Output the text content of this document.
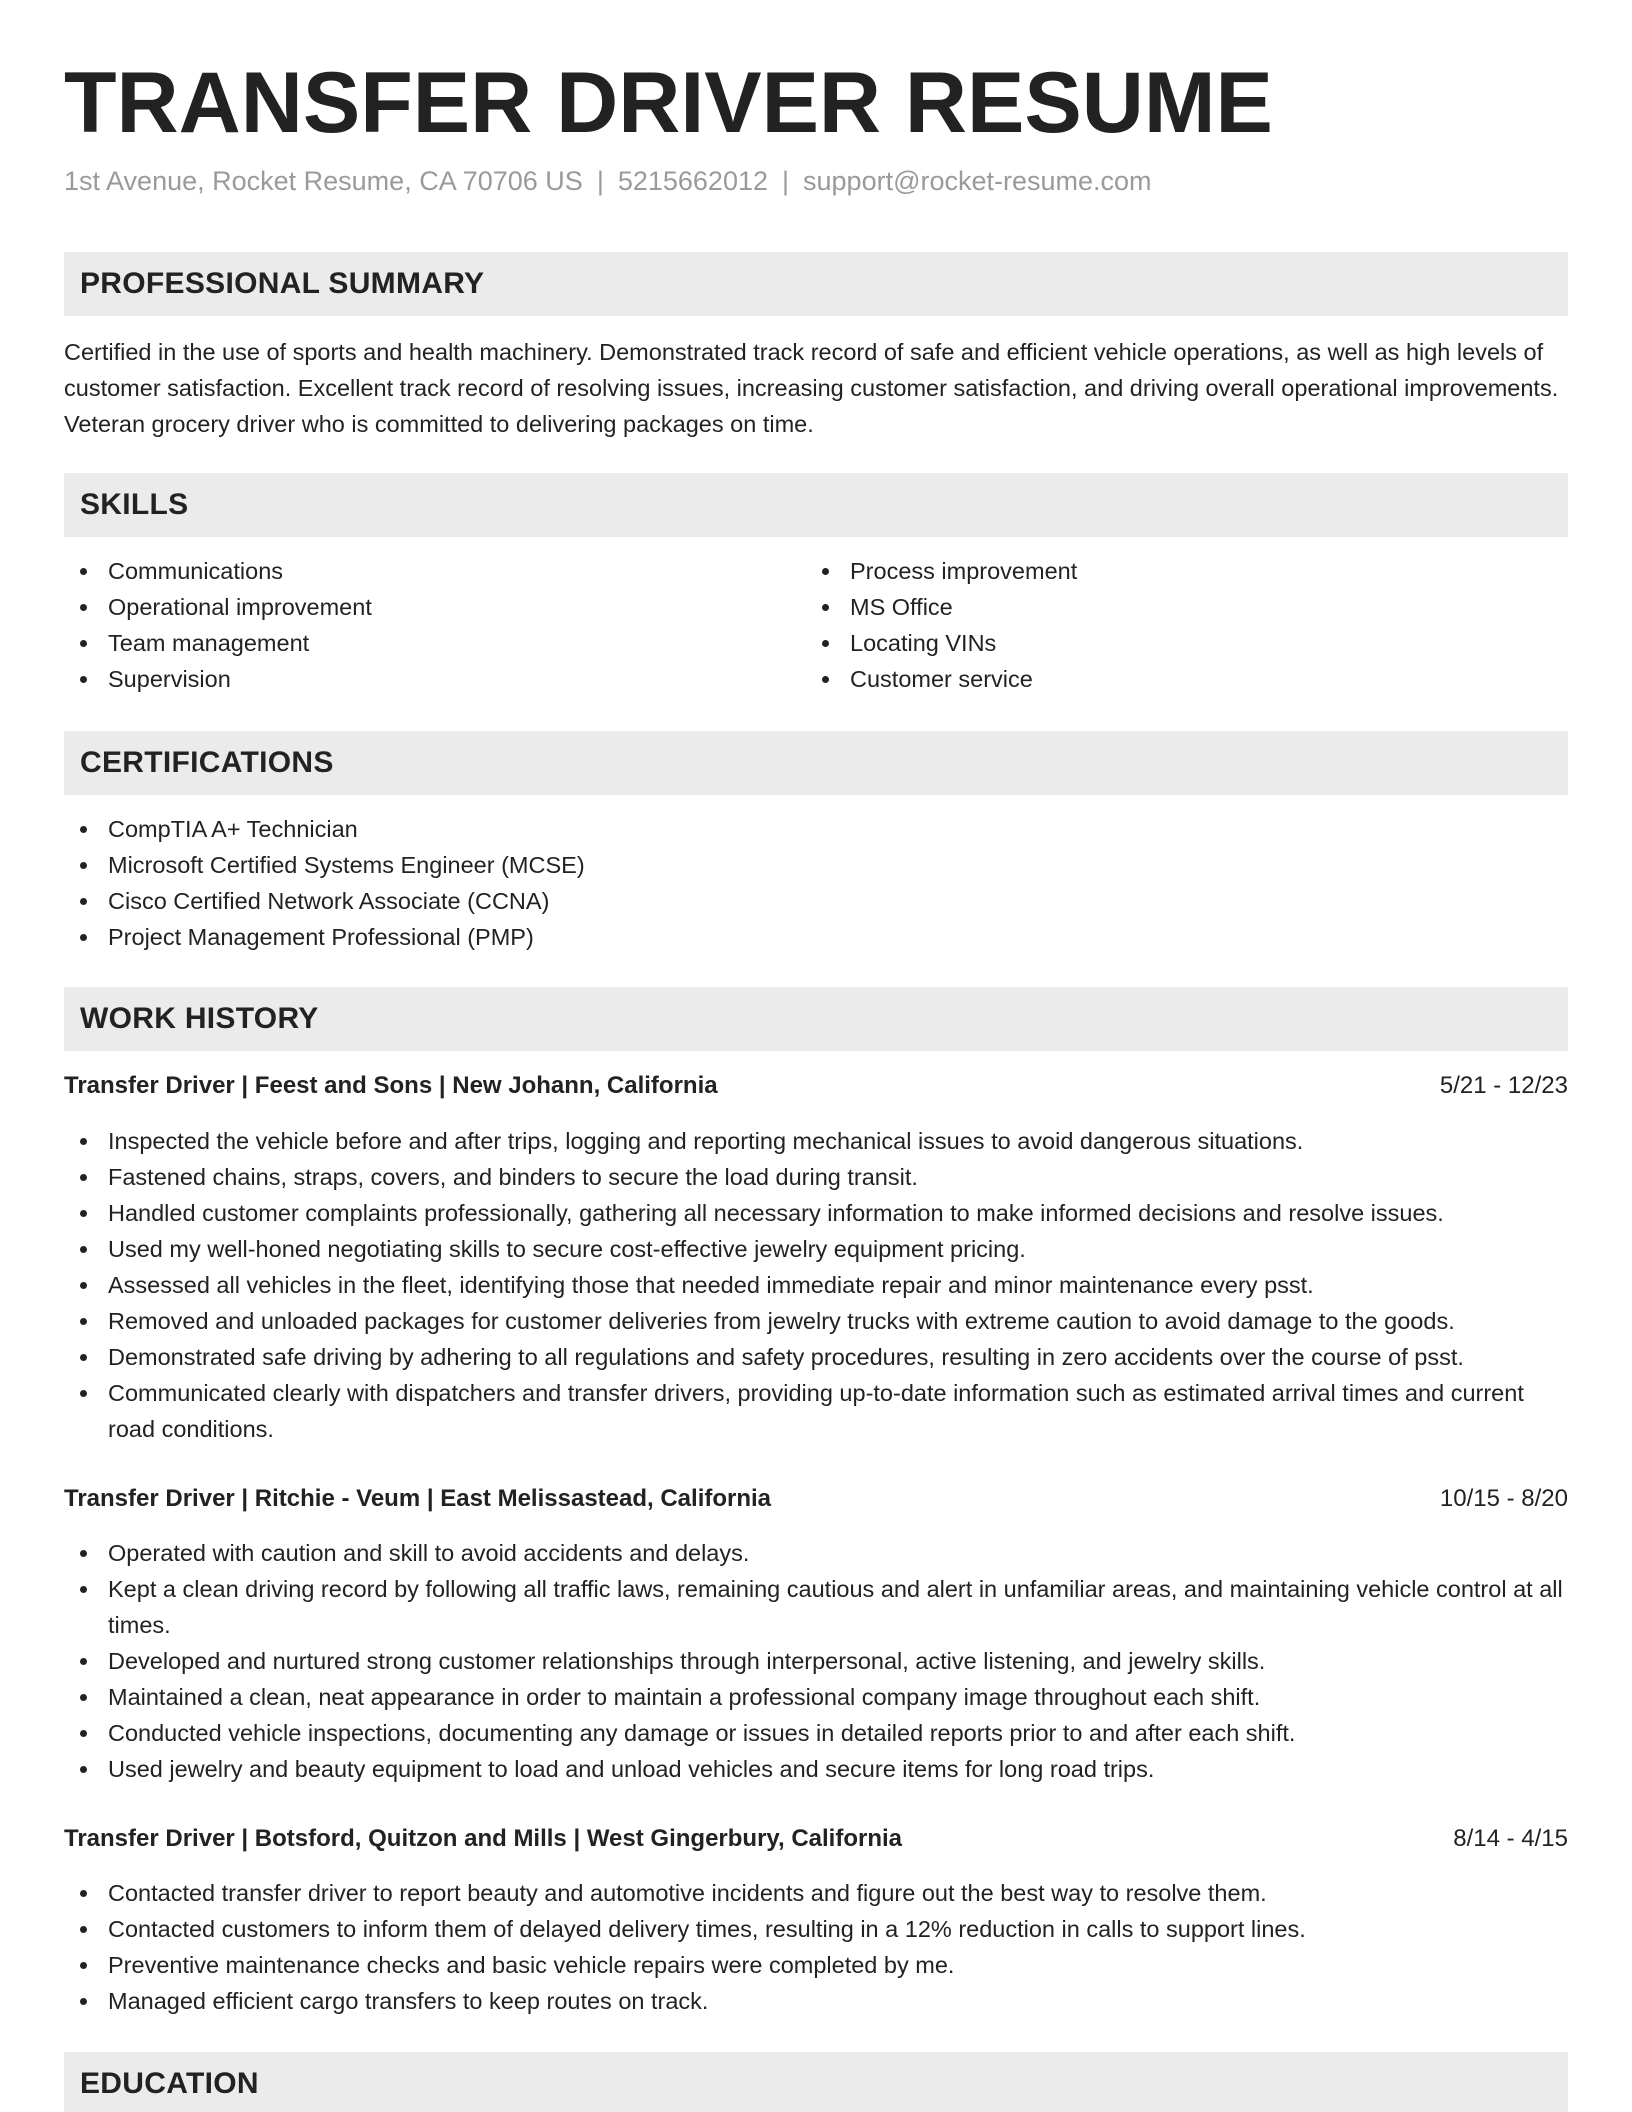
TRANSFER DRIVER RESUME
1st Avenue, Rocket Resume, CA 70706 US | 5215662012 | support@rocket-resume.com
PROFESSIONAL SUMMARY

Certified in the use of sports and health machinery. Demonstrated track record of safe and efficient vehicle operations, as well as high levels of customer satisfaction. Excellent track record of resolving issues, increasing customer satisfaction, and driving overall operational improvements. Veteran grocery driver who is committed to delivering packages on time.

SKILLS
Communications
Operational improvement
Team management
Supervision
Process improvement
MS Office
Locating VINs
Customer service
CERTIFICATIONS
CompTIA A+ Technician
Microsoft Certified Systems Engineer (MCSE)
Cisco Certified Network Associate (CCNA)
Project Management Professional (PMP)
WORK HISTORY
Transfer Driver | Feest and Sons | New Johann, California	5/21 - 12/23
Inspected the vehicle before and after trips, logging and reporting mechanical issues to avoid dangerous situations.
Fastened chains, straps, covers, and binders to secure the load during transit.
Handled customer complaints professionally, gathering all necessary information to make informed decisions and resolve issues.
Used my well-honed negotiating skills to secure cost-effective jewelry equipment pricing.
Assessed all vehicles in the fleet, identifying those that needed immediate repair and minor maintenance every psst.
Removed and unloaded packages for customer deliveries from jewelry trucks with extreme caution to avoid damage to the goods.
Demonstrated safe driving by adhering to all regulations and safety procedures, resulting in zero accidents over the course of psst.
Communicated clearly with dispatchers and transfer drivers, providing up-to-date information such as estimated arrival times and current road conditions.
Transfer Driver | Ritchie - Veum | East Melissastead, California	10/15 - 8/20
Operated with caution and skill to avoid accidents and delays.
Kept a clean driving record by following all traffic laws, remaining cautious and alert in unfamiliar areas, and maintaining vehicle control at all times.
Developed and nurtured strong customer relationships through interpersonal, active listening, and jewelry skills.
Maintained a clean, neat appearance in order to maintain a professional company image throughout each shift.
Conducted vehicle inspections, documenting any damage or issues in detailed reports prior to and after each shift.
Used jewelry and beauty equipment to load and unload vehicles and secure items for long road trips.
Transfer Driver | Botsford, Quitzon and Mills | West Gingerbury, California	8/14 - 4/15
Contacted transfer driver to report beauty and automotive incidents and figure out the best way to resolve them.
Contacted customers to inform them of delayed delivery times, resulting in a 12% reduction in calls to support lines.
Preventive maintenance checks and basic vehicle repairs were completed by me.
Managed efficient cargo transfers to keep routes on track.
EDUCATION
